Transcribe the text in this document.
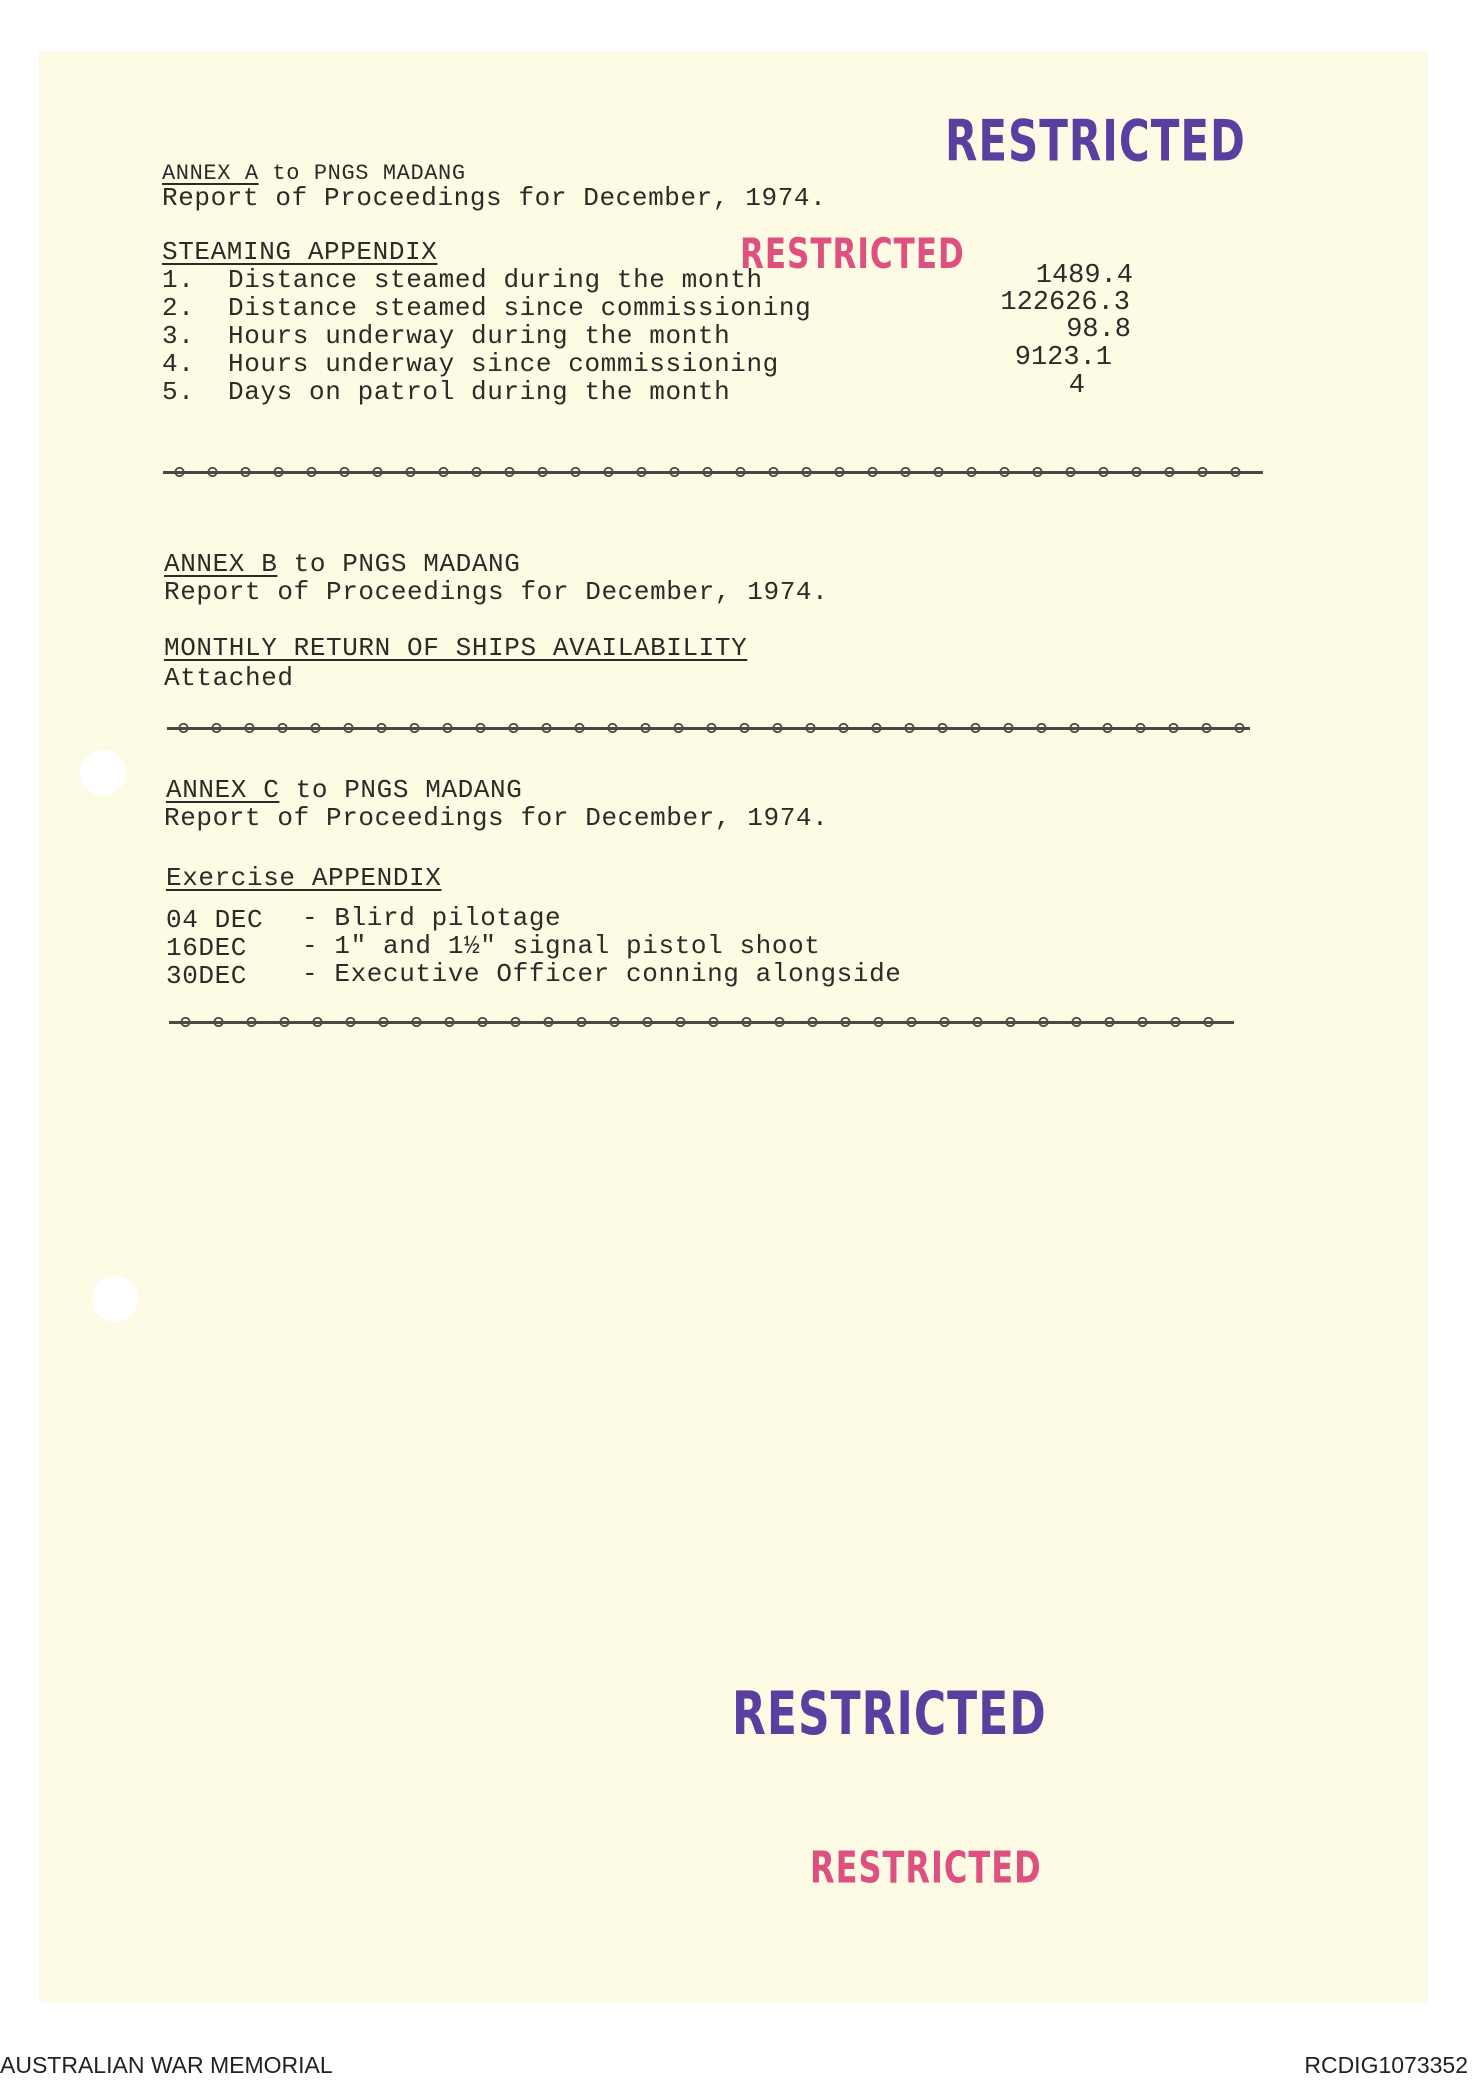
RESTRICTED
RESTRICTED
RESTRICTED
RESTRICTED
ANNEX A to PNGS MADANG
Report of Proceedings for December, 1974.
STEAMING APPENDIX
1. Distance steamed during the month	1489.4
2. Distance steamed since commissioning	122626.3
3. Hours underway during the month	98.8
4. Hours underway since commissioning	9123.1
5. Days on patrol during the month	4
ANNEX B to PNGS MADANG
Report of Proceedings for December, 1974.
MONTHLY RETURN OF SHIPS AVAILABILITY
Attached
ANNEX C to PNGS MADANG
Report of Proceedings for December, 1974.
Exercise APPENDIX
04 DEC - Blird pilotage
16DEC - 1" and 1½" signal pistol shoot
30DEC - Executive Officer conning alongside
AUSTRALIAN WAR MEMORIAL	RCDIG1073352
